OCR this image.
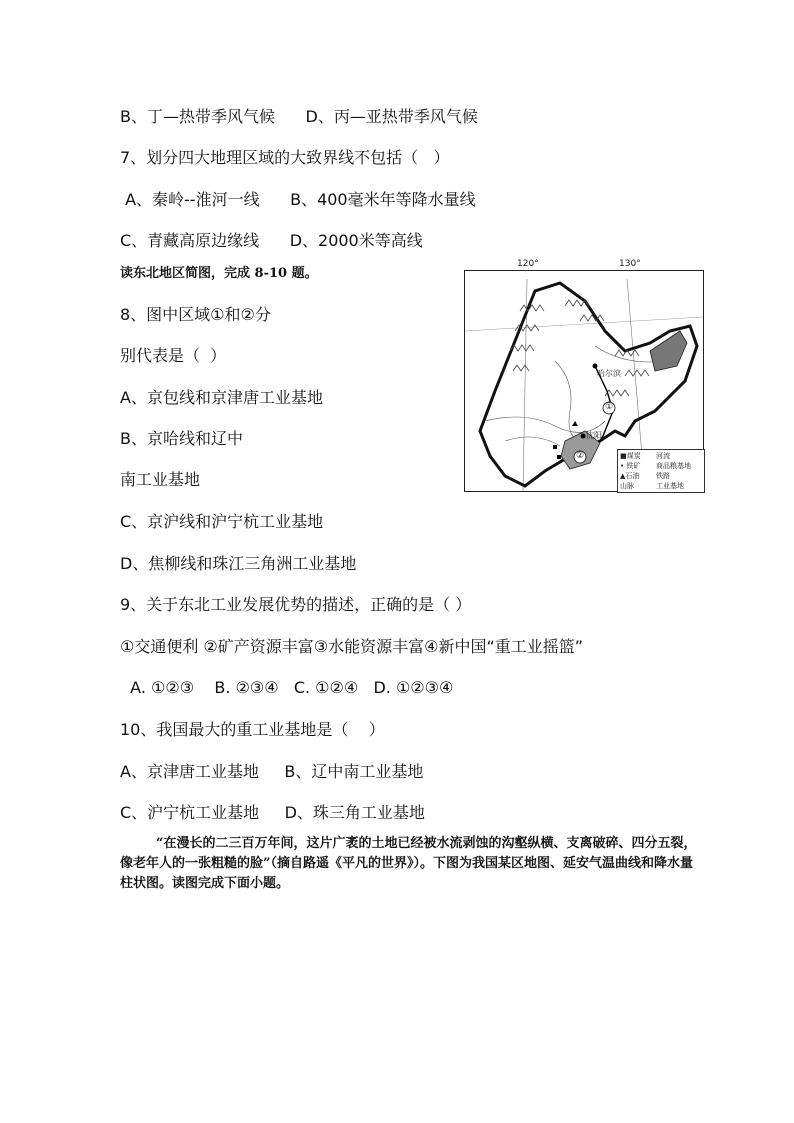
B、丁—热带季风气候      D、丙—亚热带季风气候
7、划分四大地理区域的大致界线不包括（   ）
A、秦岭--淮河一线      B、400毫米年等降水量线
C、青藏高原边缘线      D、2000米等高线
读东北地区简图，完成 8-10 题。
8、图中区域①和②分
别代表是（  ）
A、京包线和京津唐工业基地
B、京哈线和辽中
南工业基地
C、京沪线和沪宁杭工业基地
D、焦柳线和珠江三角洲工业基地
9、关于东北工业发展优势的描述，正确的是（ ）
①交通便利 ②矿产资源丰富③水能资源丰富④新中国“重工业摇篮”
A. ①②③    B. ②③④   C. ①②④   D. ①②③④
10、我国最大的重工业基地是（    ）
A、京津唐工业基地     B、辽中南工业基地
C、沪宁杭工业基地     D、珠三角工业基地
“在漫长的二三百万年间，这片广袤的土地已经被水流剥蚀的沟壑纵横、支离破碎、四分五裂，像老年人的一张粗糙的脸”（摘自路遥《平凡的世界》）。下图为我国某区地图、延安气温曲线和降水量柱状图。读图完成下面小题。
120°	130°
哈尔滨
沈阳
①
②	■煤炭
• 铁矿
▲石油
山脉
河流
商品粮基地
铁路
工业基地
